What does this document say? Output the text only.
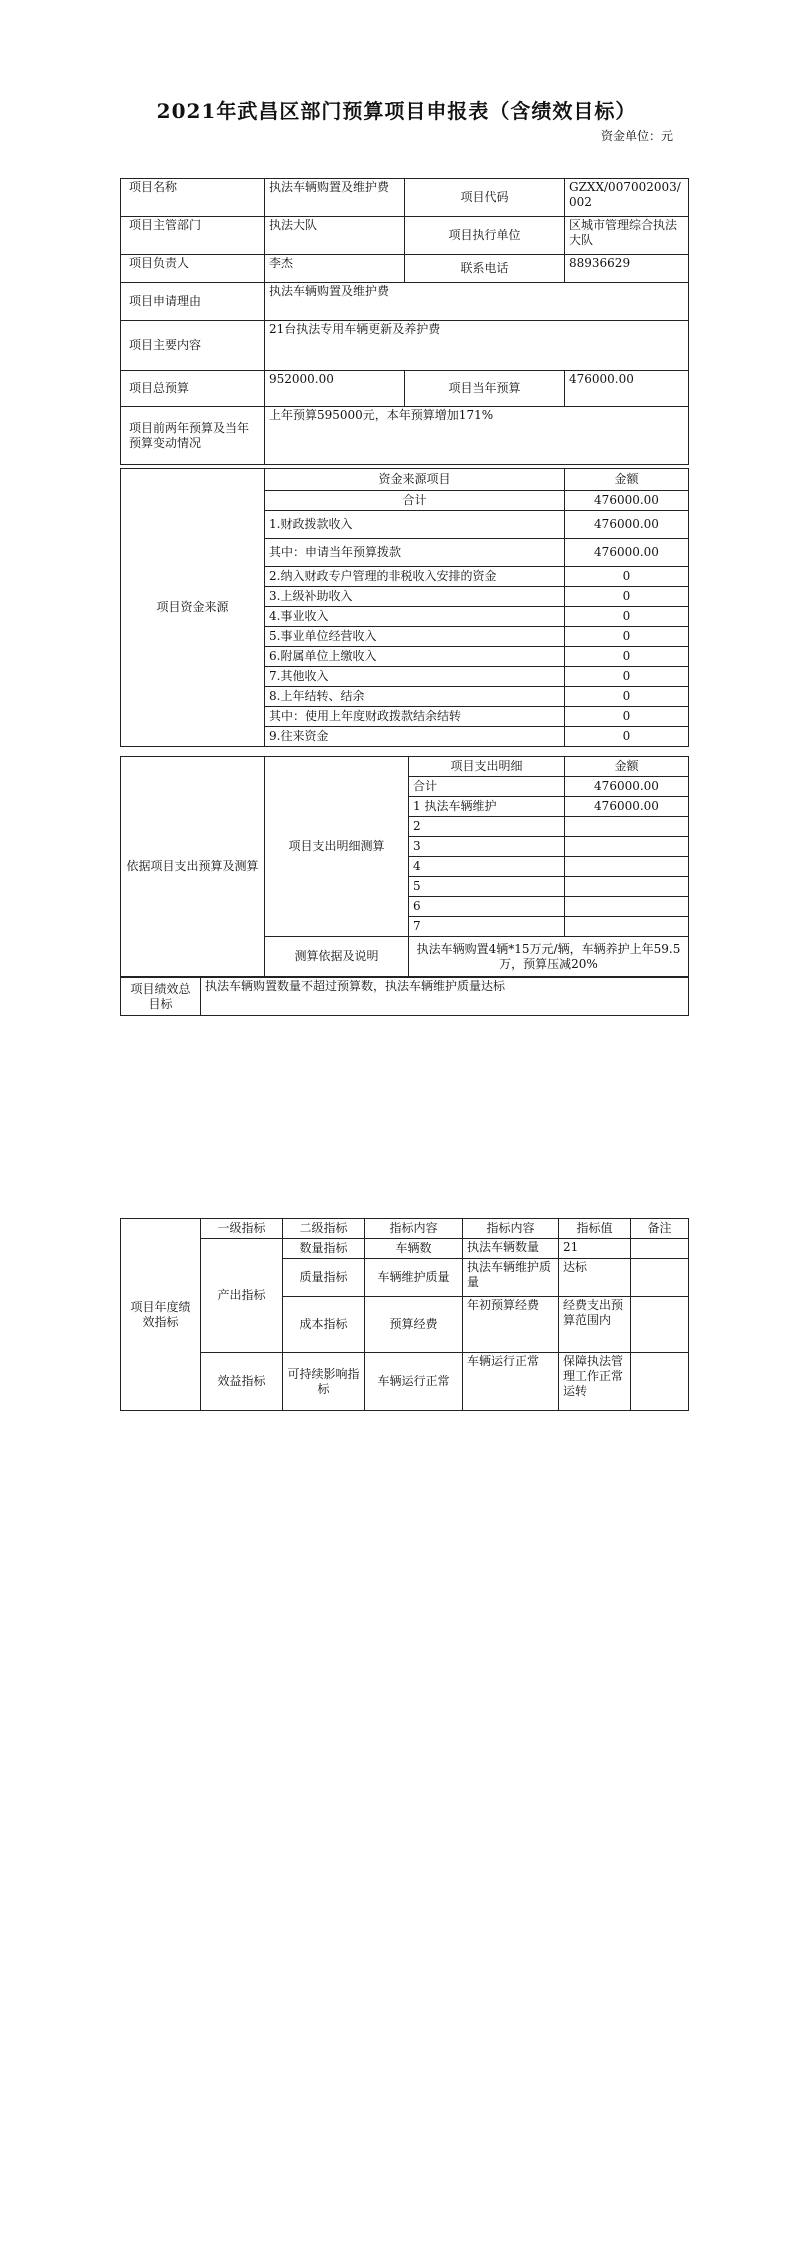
2021年武昌区部门预算项目申报表（含绩效目标）
资金单位：元
项目名称	执法车辆购置及维护费	项目代码	GZXX/007002003/002
项目主管部门	执法大队	项目执行单位	区城市管理综合执法大队
项目负责人	李杰	联系电话	88936629
项目申请理由	执法车辆购置及维护费		
项目主要内容	21台执法专用车辆更新及养护费		
项目总预算	952000.00	项目当年预算	476000.00
项目前两年预算及当年预算变动情况	上年预算595000元，本年预算增加171%		
项目资金来源	资金来源项目	金额
	合计	476000.00
	1.财政拨款收入	476000.00
	其中：申请当年预算拨款	476000.00
	2.纳入财政专户管理的非税收入安排的资金	0
	3.上级补助收入	0
	4.事业收入	0
	5.事业单位经营收入	0
	6.附属单位上缴收入	0
	7.其他收入	0
	8.上年结转、结余	0
	其中：使用上年度财政拨款结余结转	0
	9.往来资金	0
依据项目支出预算及测算	项目支出明细测算	项目支出明细	金额
		合计	476000.00
		1 执法车辆维护	476000.00
		2	
		3	
		4	
		5	
		6	
		7	
	测算依据及说明	执法车辆购置4辆*15万元/辆，车辆养护上年59.5万，预算压减20%	
项目绩效总目标	执法车辆购置数量不超过预算数，执法车辆维护质量达标
项目年度绩效指标	一级指标	二级指标	指标内容	指标内容	指标值	备注
	产出指标	数量指标	车辆数	执法车辆数量	21	
		质量指标	车辆维护质量	执法车辆维护质量	达标	
		成本指标	预算经费	年初预算经费	经费支出预算范围内	
	效益指标	可持续影响指标	车辆运行正常	车辆运行正常	保障执法管理工作正常运转	
